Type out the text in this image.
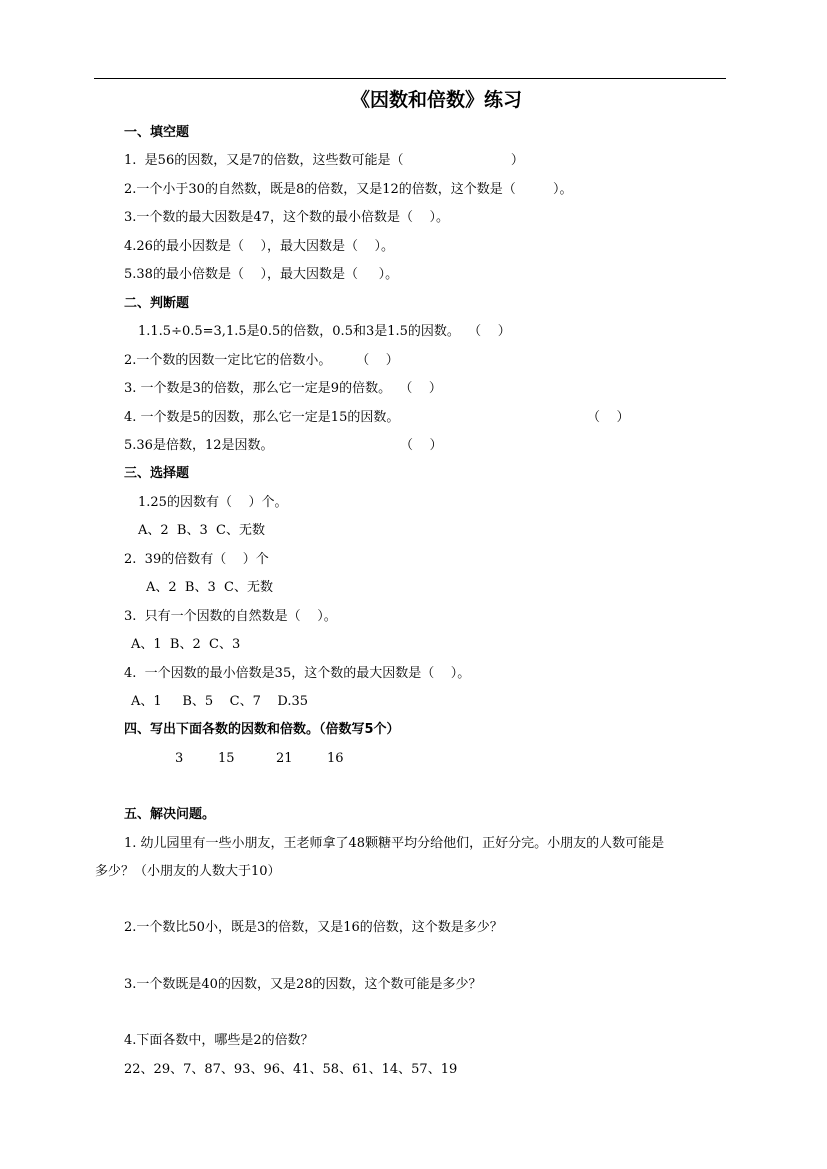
《因数和倍数》练习
一、填空题
1.  是56的因数，又是7的倍数，这些数可能是（                          ）
2.一个小于30的自然数，既是8的倍数，又是12的倍数，这个数是（         ）。
3.一个数的最大因数是47，这个数的最小倍数是（    ）。
4.26的最小因数是（    ），最大因数是（    ）。
5.38的最小倍数是（    ），最大因数是（     ）。
二、判断题
1.1.5÷0.5=3,1.5是0.5的倍数，0.5和3是1.5的因数。  （    ）
2.一个数的因数一定比它的倍数小。      （    ）
3. 一个数是3的倍数，那么它一定是9的倍数。  （    ）
4. 一个数是5的因数，那么它一定是15的因数。	（    ）
5.36是倍数，12是因数。	（    ）
三、选择题
1.25的因数有（    ）个。
A、2  B、3  C、无数
2.  39的倍数有（    ）个
A、2  B、3  C、无数
3.  只有一个因数的自然数是（    ）。
A、1  B、2  C、3
4.  一个因数的最小倍数是35，这个数的最大因数是（    ）。
A、1     B、5    C、7    D.35
四、写出下面各数的因数和倍数。（倍数写5个）
3	15	21	16
五、解决问题。
1. 幼儿园里有一些小朋友，王老师拿了48颗糖平均分给他们，正好分完。小朋友的人数可能是
多少？（小朋友的人数大于10）
2.一个数比50小，既是3的倍数，又是16的倍数，这个数是多少？
3.一个数既是40的因数，又是28的因数，这个数可能是多少？
4.下面各数中，哪些是2的倍数？
22、29、7、87、93、96、41、58、61、14、57、19
